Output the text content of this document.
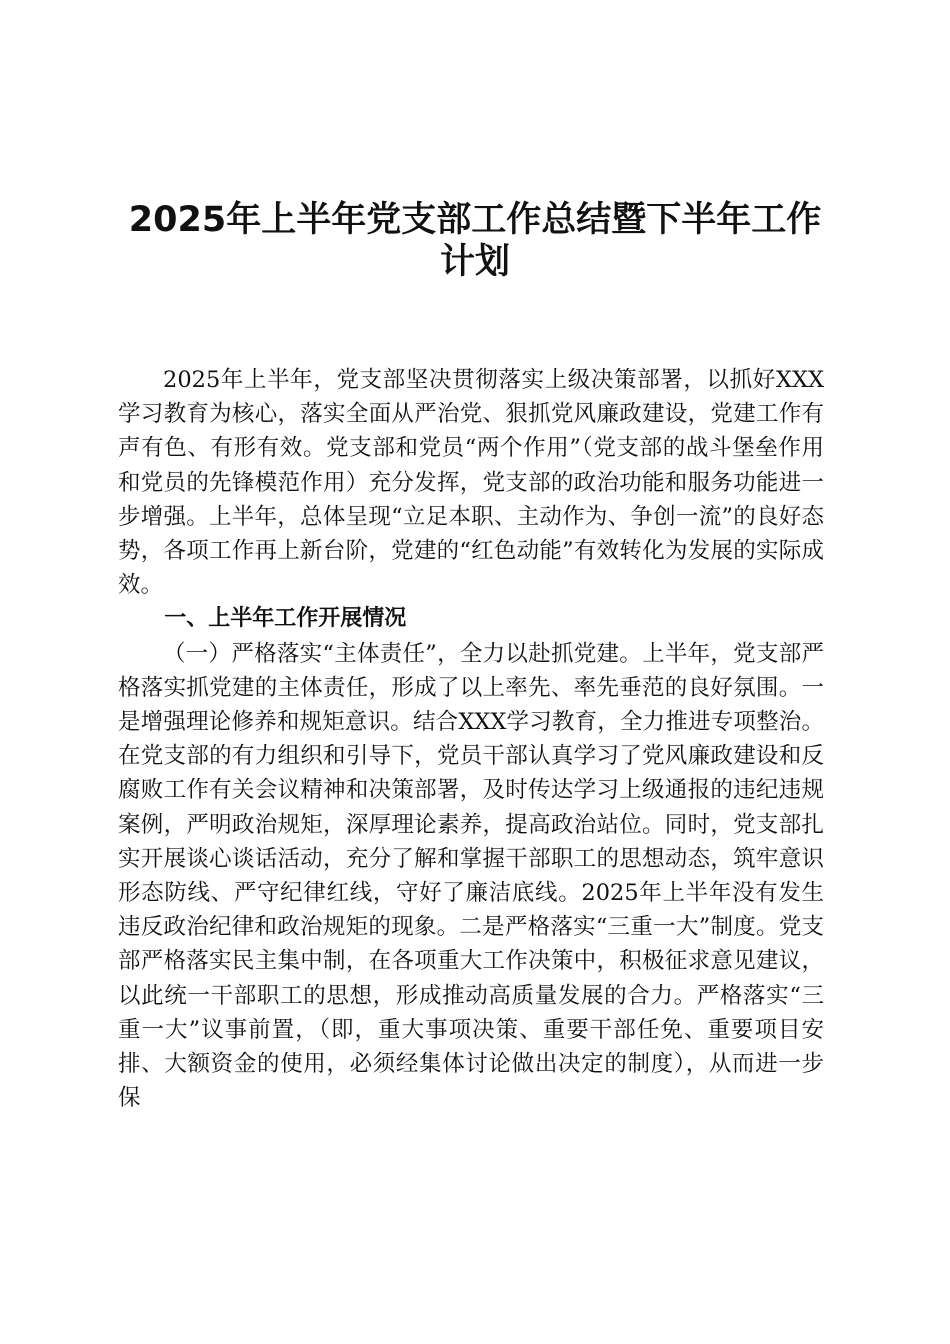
2025年上半年党支部工作总结暨下半年工作
计划

2025年上半年，党支部坚决贯彻落实上级决策部署，以抓好XXX学习教育为核心，落实全面从严治党、狠抓党风廉政建设，党建工作有声有色、有形有效。党支部和党员“两个作用”（党支部的战斗堡垒作用和党员的先锋模范作用）充分发挥，党支部的政治功能和服务功能进一步增强。上半年，总体呈现“立足本职、主动作为、争创一流”的良好态势，各项工作再上新台阶，党建的“红色动能”有效转化为发展的实际成效。

一、上半年工作开展情况

（一）严格落实“主体责任”，全力以赴抓党建。上半年，党支部严格落实抓党建的主体责任，形成了以上率先、率先垂范的良好氛围。一是增强理论修养和规矩意识。结合XXX学习教育，全力推进专项整治。在党支部的有力组织和引导下，党员干部认真学习了党风廉政建设和反腐败工作有关会议精神和决策部署，及时传达学习上级通报的违纪违规案例，严明政治规矩，深厚理论素养，提高政治站位。同时，党支部扎实开展谈心谈话活动，充分了解和掌握干部职工的思想动态，筑牢意识形态防线、严守纪律红线，守好了廉洁底线。2025年上半年没有发生违反政治纪律和政治规矩的现象。二是严格落实“三重一大”制度。党支部严格落实民主集中制，在各项重大工作决策中，积极征求意见建议，以此统一干部职工的思想，形成推动高质量发展的合力。严格落实“三重一大”议事前置，（即，重大事项决策、重要干部任免、重要项目安排、大额资金的使用，必须经集体讨论做出决定的制度），从而进一步保
